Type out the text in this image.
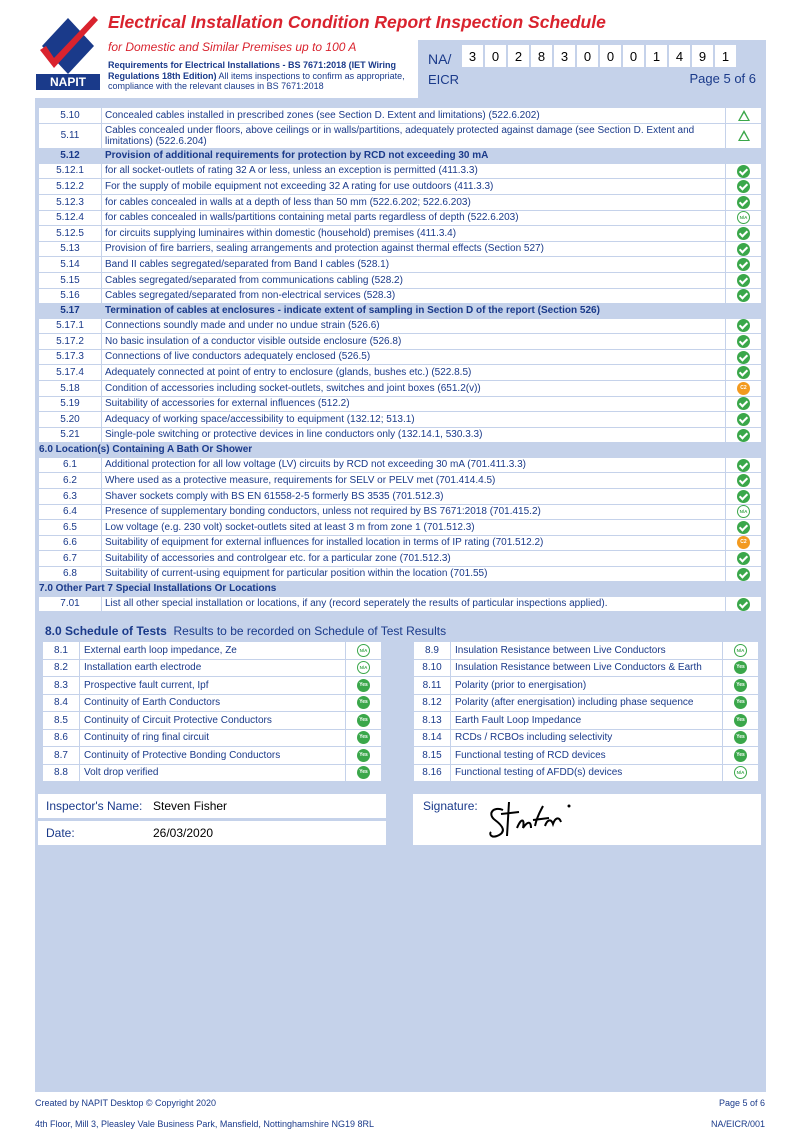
NAPIT
Electrical Installation Condition Report Inspection Schedule
for Domestic and Similar Premises up to 100 A
Requirements for Electrical Installations - BS 7671:2018 (IET Wiring Regulations 18th Edition) All items inspections to confirm as appropriate, compliance with the relevant clauses in BS 7671:2018
NA/	3	0	2	8	3	0	0	0	1	4	9	1
EICR	Page 5 of 6
5.10	Concealed cables installed in prescribed zones (see Section D. Extent and limitations) (522.6.202)	
5.11	Cables concealed under floors, above ceilings or in walls/partitions, adequately protected against damage (see Section D. Extent and limitations) (522.6.204)	
5.12	Provision of additional requirements for protection by RCD not exceeding 30 mA	
5.12.1	for all socket-outlets of rating 32 A or less, unless an exception is permitted (411.3.3)	
5.12.2	For the supply of mobile equipment not exceeding 32 A rating for use outdoors (411.3.3)	
5.12.3	for cables concealed in walls at a depth of less than 50 mm (522.6.202; 522.6.203)	
5.12.4	for cables concealed in walls/partitions containing metal parts regardless of depth (522.6.203)	N/A
5.12.5	for circuits supplying luminaires within domestic (household) premises (411.3.4)	
5.13	Provision of fire barriers, sealing arrangements and protection against thermal effects (Section 527)	
5.14	Band II cables segregated/separated from Band I cables (528.1)	
5.15	Cables segregated/separated from communications cabling (528.2)	
5.16	Cables segregated/separated from non-electrical services (528.3)	
5.17	Termination of cables at enclosures - indicate extent of sampling in Section D of the report (Section 526)	
5.17.1	Connections soundly made and under no undue strain (526.6)	
5.17.2	No basic insulation of a conductor visible outside enclosure (526.8)	
5.17.3	Connections of live conductors adequately enclosed (526.5)	
5.17.4	Adequately connected at point of entry to enclosure (glands, bushes etc.) (522.8.5)	
5.18	Condition of accessories including socket-outlets, switches and joint boxes (651.2(v))	C2
5.19	Suitability of accessories for external influences (512.2)	
5.20	Adequacy of working space/accessibility to equipment (132.12; 513.1)	
5.21	Single-pole switching or protective devices in line conductors only (132.14.1, 530.3.3)	
6.0 Location(s) Containing A Bath Or Shower		
6.1	Additional protection for all low voltage (LV) circuits by RCD not exceeding 30 mA (701.411.3.3)	
6.2	Where used as a protective measure, requirements for SELV or PELV met (701.414.4.5)	
6.3	Shaver sockets comply with BS EN 61558-2-5 formerly BS 3535 (701.512.3)	
6.4	Presence of supplementary bonding conductors, unless not required by BS 7671:2018 (701.415.2)	N/A
6.5	Low voltage (e.g. 230 volt) socket-outlets sited at least 3 m from zone 1 (701.512.3)	
6.6	Suitability of equipment for external influences for installed location in terms of IP rating (701.512.2)	C2
6.7	Suitability of accessories and controlgear etc. for a particular zone (701.512.3)	
6.8	Suitability of current-using equipment for particular position within the location (701.55)	
7.0 Other Part 7 Special Installations Or Locations		
7.01	List all other special installation or locations, if any (record seperately the results of particular inspections applied).	
8.0 Schedule of Tests Results to be recorded on Schedule of Test Results
8.1	External earth loop impedance, Ze	N/A
8.2	Installation earth electrode	N/A
8.3	Prospective fault current, Ipf	Yes
8.4	Continuity of Earth Conductors	Yes
8.5	Continuity of Circuit Protective Conductors	Yes
8.6	Continuity of ring final circuit	Yes
8.7	Continuity of Protective Bonding Conductors	Yes
8.8	Volt drop verified	Yes
8.9	Insulation Resistance between Live Conductors	N/A
8.10	Insulation Resistance between Live Conductors & Earth	Yes
8.11	Polarity (prior to energisation)	Yes
8.12	Polarity (after energisation) including phase sequence	Yes
8.13	Earth Fault Loop Impedance	Yes
8.14	RCDs / RCBOs including selectivity	Yes
8.15	Functional testing of RCD devices	Yes
8.16	Functional testing of AFDD(s) devices	N/A
Inspector's Name: Steven Fisher
Date:	26/03/2020
Signature:
Created by NAPIT Desktop © Copyright 2020	Page 5 of 6
4th Floor, Mill 3, Pleasley Vale Business Park, Mansfield, Nottinghamshire NG19 8RL	NA/EICR/001
